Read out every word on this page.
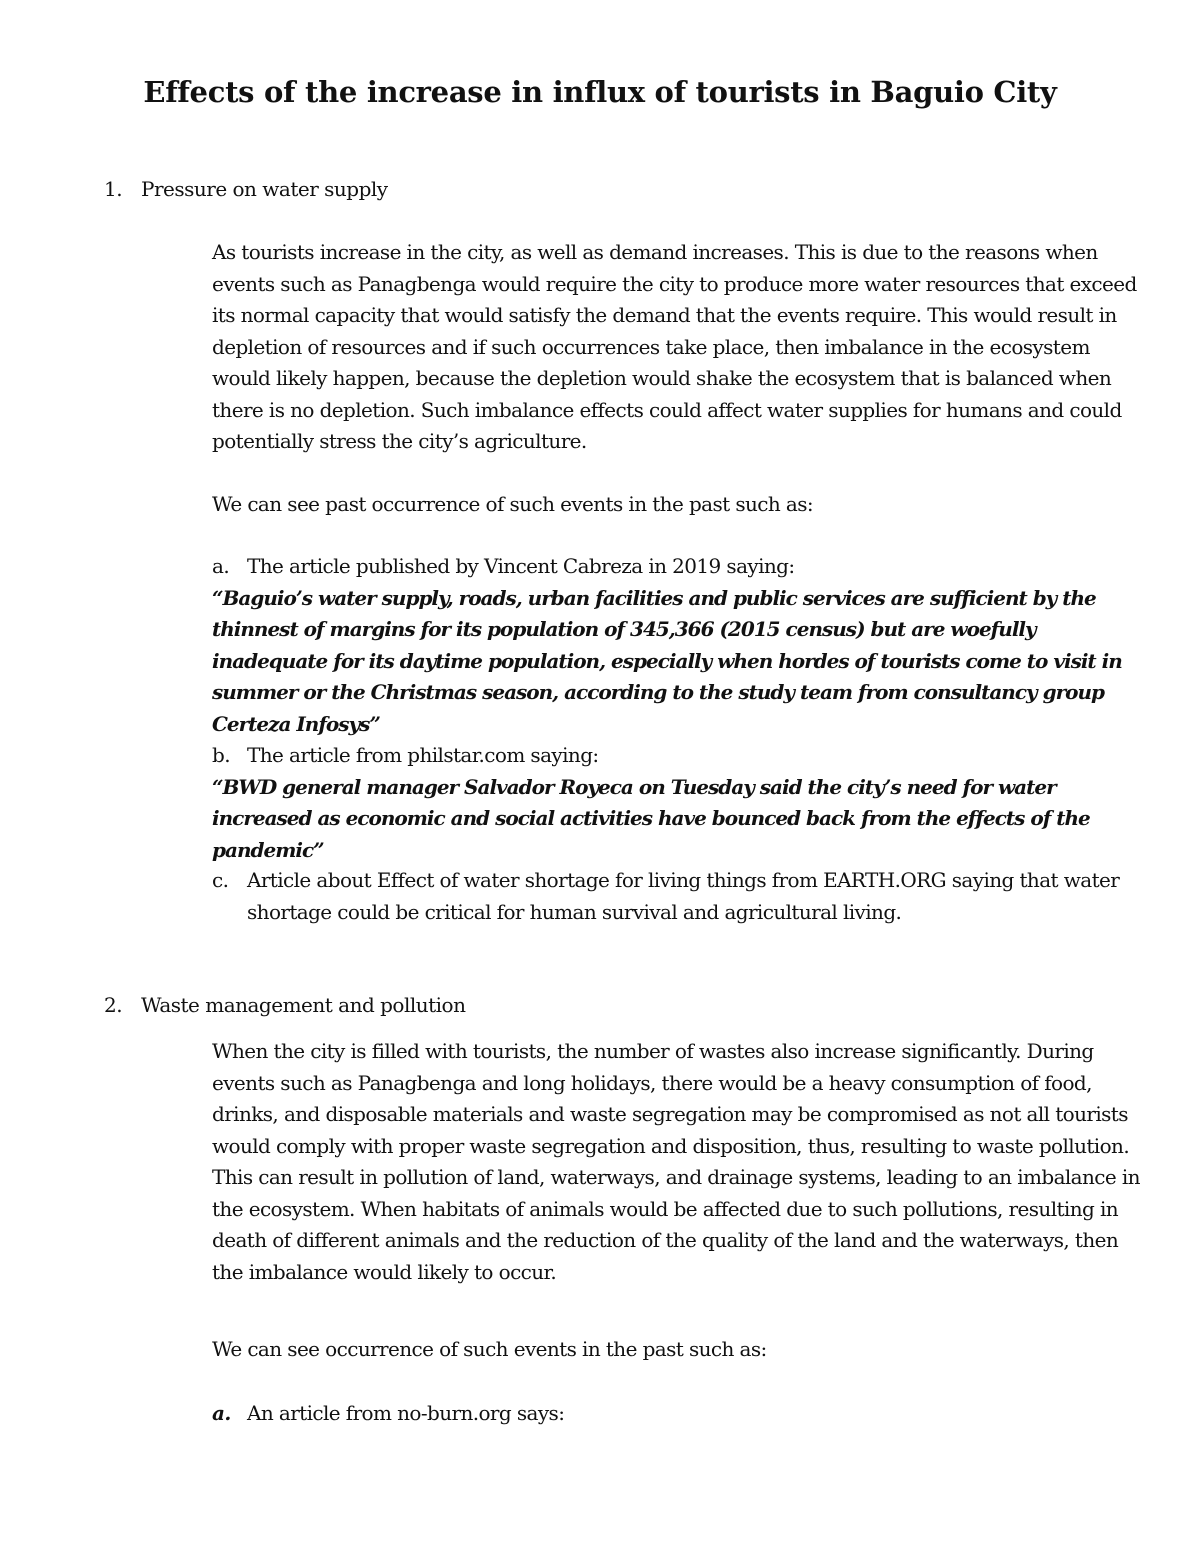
Effects of the increase in influx of tourists in Baguio City
1. Pressure on water supply
As tourists increase in the city, as well as demand increases. This is due to the reasons when events such as Panagbenga would require the city to produce more water resources that exceed its normal capacity that would satisfy the demand that the events require. This would result in depletion of resources and if such occurrences take place, then imbalance in the ecosystem would likely happen, because the depletion would shake the ecosystem that is balanced when there is no depletion. Such imbalance effects could affect water supplies for humans and could potentially stress the city’s agriculture.
We can see past occurrence of such events in the past such as:
a. The article published by Vincent Cabreza in 2019 saying:
“Baguio’s water supply, roads, urban facilities and public services are sufficient by the thinnest of margins for its population of 345,366 (2015 census) but are woefully inadequate for its daytime population, especially when hordes of tourists come to visit in summer or the Christmas season, according to the study team from consultancy group Certeza Infosys”
b. The article from philstar.com saying:
“BWD general manager Salvador Royeca on Tuesday said the city’s need for water increased as economic and social activities have bounced back from the effects of the pandemic”
c. Article about Effect of water shortage for living things from EARTH.ORG saying that water shortage could be critical for human survival and agricultural living.
2. Waste management and pollution
When the city is filled with tourists, the number of wastes also increase significantly. During events such as Panagbenga and long holidays, there would be a heavy consumption of food, drinks, and disposable materials and waste segregation may be compromised as not all tourists would comply with proper waste segregation and disposition, thus, resulting to waste pollution. This can result in pollution of land, waterways, and drainage systems, leading to an imbalance in the ecosystem. When habitats of animals would be affected due to such pollutions, resulting in death of different animals and the reduction of the quality of the land and the waterways, then the imbalance would likely to occur.
We can see occurrence of such events in the past such as:
a. An article from no-burn.org says:
